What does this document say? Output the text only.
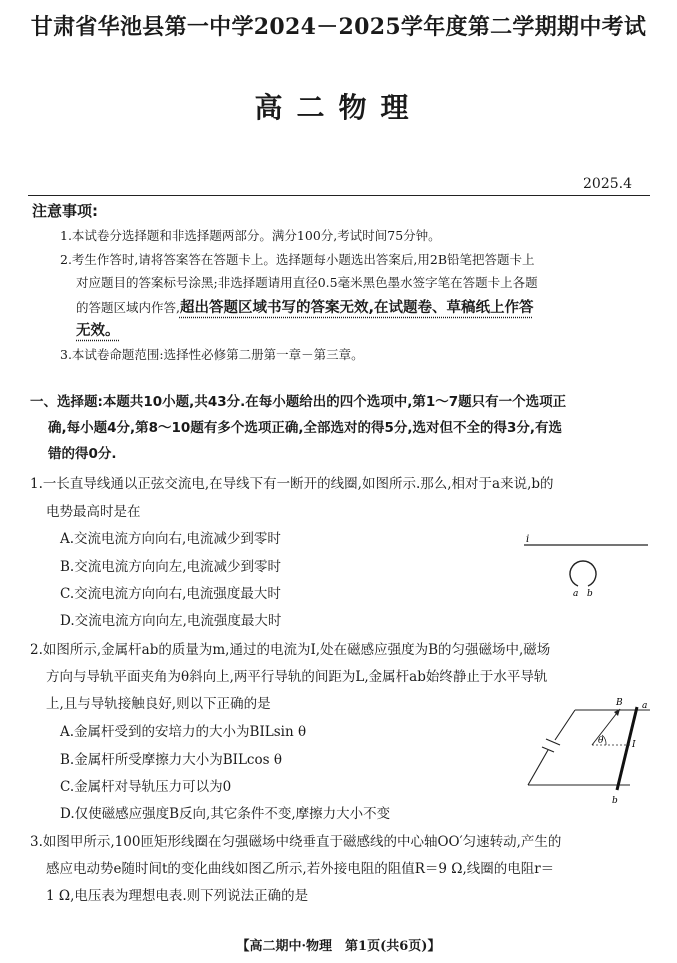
甘肃省华池县第一中学2024－2025学年度第二学期期中考试
高二物理
2025.4
注意事项:
1.本试卷分选择题和非选择题两部分。满分100分,考试时间75分钟。
2.考生作答时,请将答案答在答题卡上。选择题每小题选出答案后,用2B铅笔把答题卡上
对应题目的答案标号涂黑;非选择题请用直径0.5毫米黑色墨水签字笔在答题卡上各题
的答题区域内作答,超出答题区域书写的答案无效,在试题卷、草稿纸上作答
无效。
3.本试卷命题范围:选择性必修第二册第一章－第三章。
一、选择题:本题共10小题,共43分.在每小题给出的四个选项中,第1～7题只有一个选项正
确,每小题4分,第8～10题有多个选项正确,全部选对的得5分,选对但不全的得3分,有选
错的得0分.
1.一长直导线通以正弦交流电,在导线下有一断开的线圈,如图所示.那么,相对于a来说,b的
电势最高时是在
A.交流电流方向向右,电流减少到零时
B.交流电流方向向左,电流减少到零时
C.交流电流方向向右,电流强度最大时
D.交流电流方向向左,电流强度最大时
i
a b
2.如图所示,金属杆ab的质量为m,通过的电流为I,处在磁感应强度为B的匀强磁场中,磁场
方向与导轨平面夹角为θ斜向上,两平行导轨的间距为L,金属杆ab始终静止于水平导轨
上,且与导轨接触良好,则以下正确的是
A.金属杆受到的安培力的大小为BILsin θ
B.金属杆所受摩擦力大小为BILcos θ
C.金属杆对导轨压力可以为0
D.仅使磁感应强度B反向,其它条件不变,摩擦力大小不变
B a
b
θ	I
3.如图甲所示,100匝矩形线圈在匀强磁场中绕垂直于磁感线的中心轴OO′匀速转动,产生的
感应电动势e随时间t的变化曲线如图乙所示,若外接电阻的阻值R＝9 Ω,线圈的电阻r＝
1 Ω,电压表为理想电表.则下列说法正确的是
【高二期中·物理　第1页(共6页)】
